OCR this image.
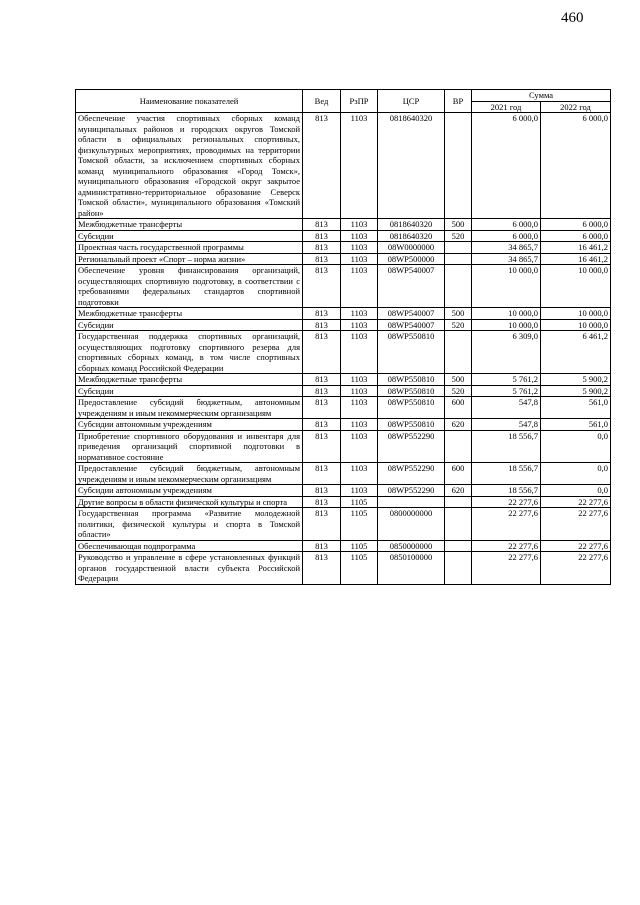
460
Наименование показателей	Вед	РзПР	ЦСР	ВР	Сумма	
					2021 год	2022 год
Обеспечение участия спортивных сборных команд муниципальных районов и городских округов Томской области в официальных региональных спортивных, физкультурных мероприятиях, проводимых на территории Томской области, за исключением спортивных сборных команд муниципального образования «Город Томск», муниципального образования «Городской округ закрытое административно-территориальное образование Северск Томской области», муниципального образования «Томский район»	813	1103	0818640320		6 000,0	6 000,0
Межбюджетные трансферты	813	1103	0818640320	500	6 000,0	6 000,0
Субсидии	813	1103	0818640320	520	6 000,0	6 000,0
Проектная часть государственной программы	813	1103	08W0000000		34 865,7	16 461,2
Региональный проект «Спорт – норма жизни»	813	1103	08WP500000		34 865,7	16 461,2
Обеспечение уровня финансирования организаций, осуществляющих спортивную подготовку, в соответствии с требованиями федеральных стандартов спортивной подготовки	813	1103	08WP540007		10 000,0	10 000,0
Межбюджетные трансферты	813	1103	08WP540007	500	10 000,0	10 000,0
Субсидии	813	1103	08WP540007	520	10 000,0	10 000,0
Государственная поддержка спортивных организаций, осуществляющих подготовку спортивного резерва для спортивных сборных команд, в том числе спортивных сборных команд Российской Федерации	813	1103	08WP550810		6 309,0	6 461,2
Межбюджетные трансферты	813	1103	08WP550810	500	5 761,2	5 900,2
Субсидии	813	1103	08WP550810	520	5 761,2	5 900,2
Предоставление субсидий бюджетным, автономным учреждениям и иным некоммерческим организациям	813	1103	08WP550810	600	547,8	561,0
Субсидии автономным учреждениям	813	1103	08WP550810	620	547,8	561,0
Приобретение спортивного оборудования и инвентаря для приведения организаций спортивной подготовки в нормативное состояние	813	1103	08WP552290		18 556,7	0,0
Предоставление субсидий бюджетным, автономным учреждениям и иным некоммерческим организациям	813	1103	08WP552290	600	18 556,7	0,0
Субсидии автономным учреждениям	813	1103	08WP552290	620	18 556,7	0,0
Другие вопросы в области физической культуры и спорта	813	1105			22 277,6	22 277,6
Государственная программа «Развитие молодежной политики, физической культуры и спорта в Томской области»	813	1105	0800000000		22 277,6	22 277,6
Обеспечивающая подпрограмма	813	1105	0850000000		22 277,6	22 277,6
Руководство и управление в сфере установленных функций органов государственной власти субъекта Российской Федерации	813	1105	0850100000		22 277,6	22 277,6
